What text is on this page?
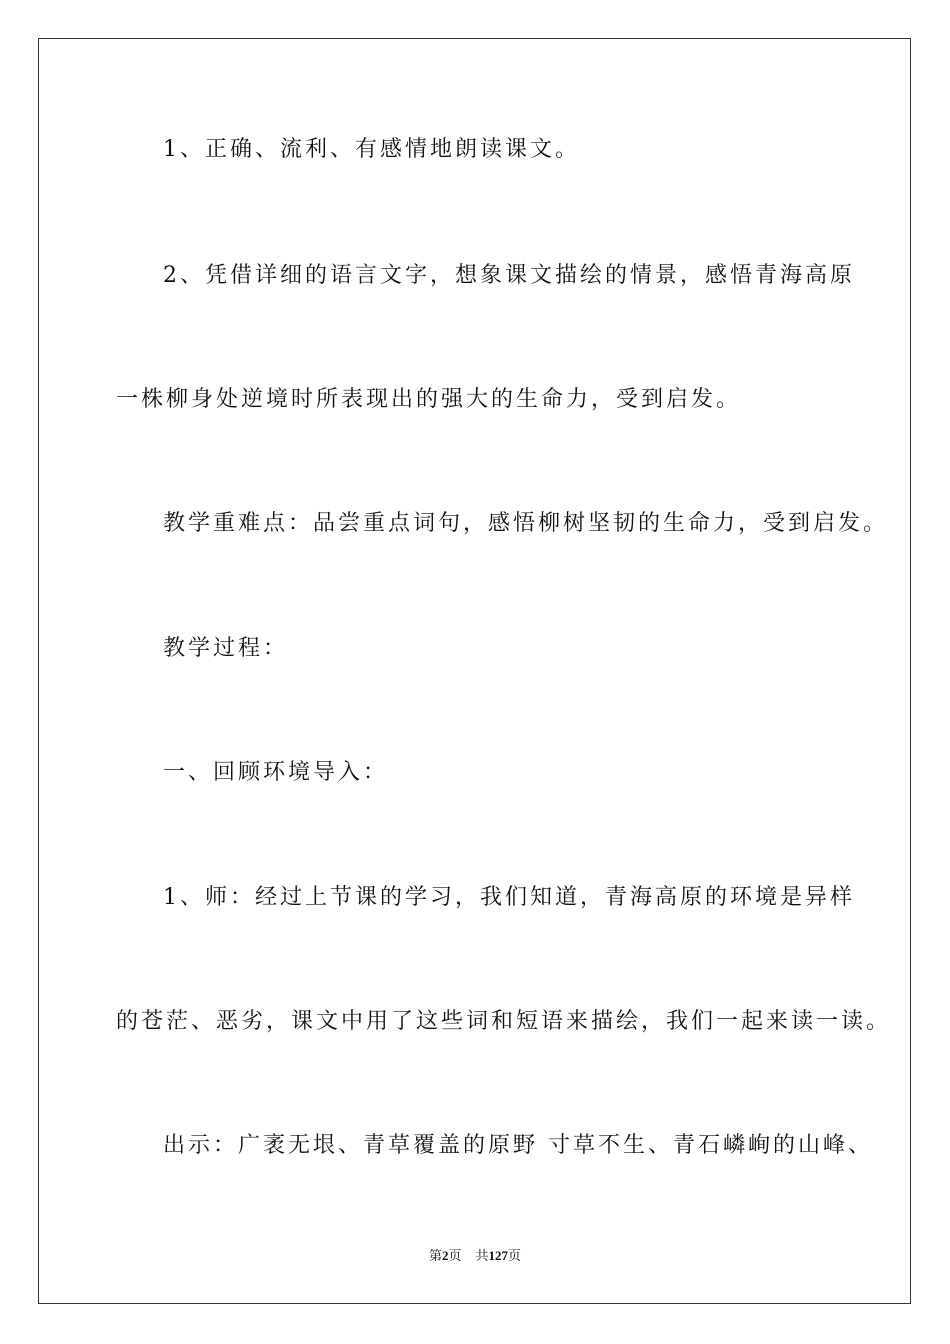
1、正确、流利、有感情地朗读课文。
2、凭借详细的语言文字，想象课文描绘的情景，感悟青海高原
一株柳身处逆境时所表现出的强大的生命力，受到启发。
教学重难点：品尝重点词句，感悟柳树坚韧的生命力，受到启发。
教学过程：
一、回顾环境导入：
1、师：经过上节课的学习，我们知道，青海高原的环境是异样
的苍茫、恶劣，课文中用了这些词和短语来描绘，我们一起来读一读。
出示：广袤无垠、青草覆盖的原野 寸草不生、青石嶙峋的山峰、
第2页 共127页
